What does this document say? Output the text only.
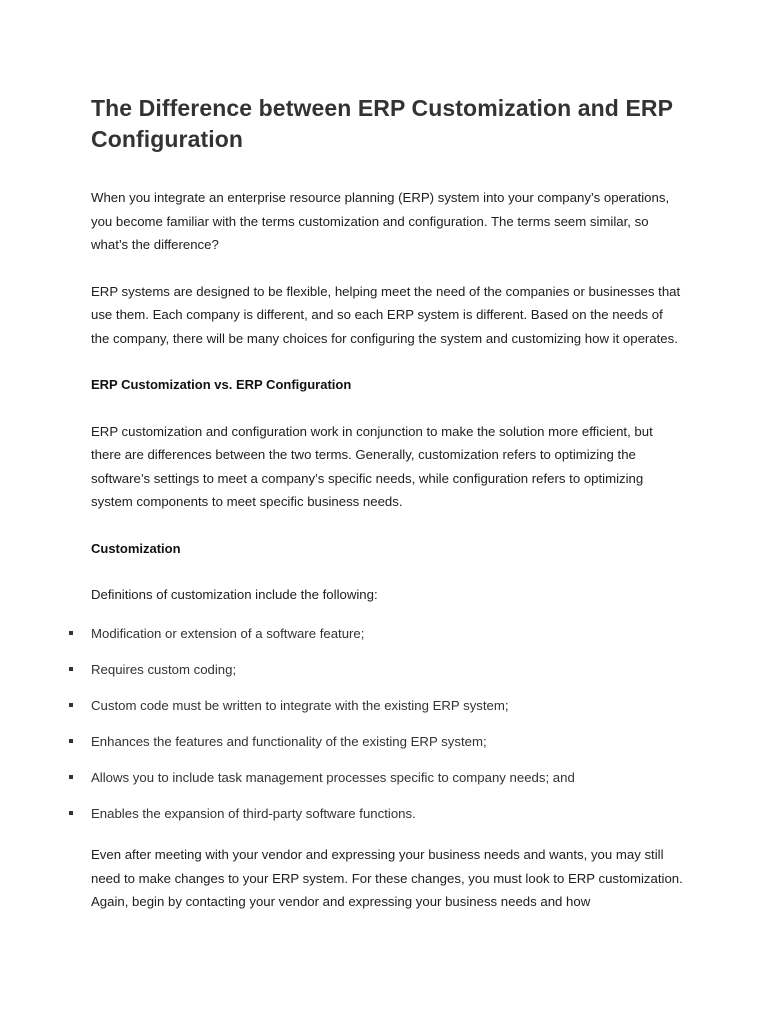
The Difference between ERP Customization and ERP Configuration

When you integrate an enterprise resource planning (ERP) system into your company’s operations, you become familiar with the terms customization and configuration. The terms seem similar, so what’s the difference?

ERP systems are designed to be flexible, helping meet the need of the companies or businesses that use them. Each company is different, and so each ERP system is different. Based on the needs of the company, there will be many choices for configuring the system and customizing how it operates.

ERP Customization vs. ERP Configuration

ERP customization and configuration work in conjunction to make the solution more efficient, but there are differences between the two terms. Generally, customization refers to optimizing the software’s settings to meet a company’s specific needs, while configuration refers to optimizing system components to meet specific business needs.

Customization

Definitions of customization include the following:

Modification or extension of a software feature;
Requires custom coding;
Custom code must be written to integrate with the existing ERP system;
Enhances the features and functionality of the existing ERP system;
Allows you to include task management processes specific to company needs; and
Enables the expansion of third-party software functions.

Even after meeting with your vendor and expressing your business needs and wants, you may still need to make changes to your ERP system. For these changes, you must look to ERP customization. Again, begin by contacting your vendor and expressing your business needs and how
